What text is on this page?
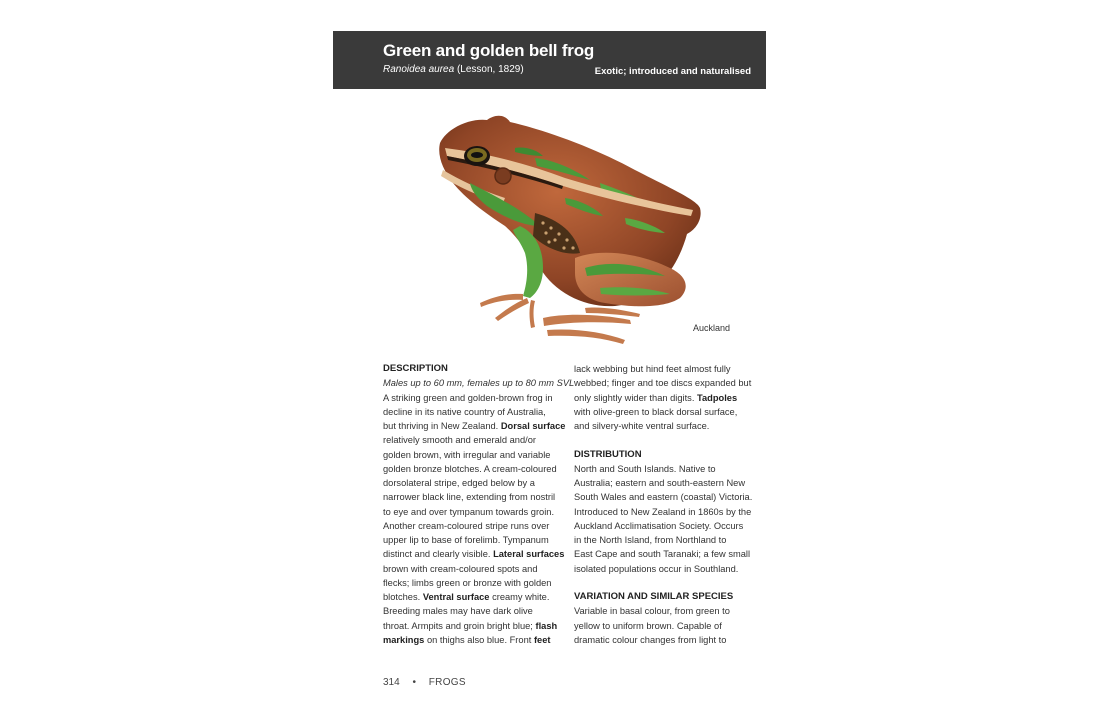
Green and golden bell frog
Ranoidea aurea (Lesson, 1829)	Exotic; introduced and naturalised
Auckland

DESCRIPTION

Males up to 60 mm, females up to 80 mm SVL

A striking green and golden-brown frog in

decline in its native country of Australia,

but thriving in New Zealand. Dorsal surface

relatively smooth and emerald and/or

golden brown, with irregular and variable

golden bronze blotches. A cream-coloured

dorsolateral stripe, edged below by a

narrower black line, extending from nostril

to eye and over tympanum towards groin.

Another cream-coloured stripe runs over

upper lip to base of forelimb. Tympanum

distinct and clearly visible. Lateral surfaces

brown with cream-coloured spots and

flecks; limbs green or bronze with golden

blotches. Ventral surface creamy white.

Breeding males may have dark olive

throat. Armpits and groin bright blue; flash

markings on thighs also blue. Front feet

lack webbing but hind feet almost fully

webbed; finger and toe discs expanded but

only slightly wider than digits. Tadpoles

with olive-green to black dorsal surface,

and silvery-white ventral surface.

DISTRIBUTION

North and South Islands. Native to

Australia; eastern and south-eastern New

South Wales and eastern (coastal) Victoria.

Introduced to New Zealand in 1860s by the

Auckland Acclimatisation Society. Occurs

in the North Island, from Northland to

East Cape and south Taranaki; a few small

isolated populations occur in Southland.

VARIATION AND SIMILAR SPECIES

Variable in basal colour, from green to

yellow to uniform brown. Capable of

dramatic colour changes from light to

314 • FROGS
